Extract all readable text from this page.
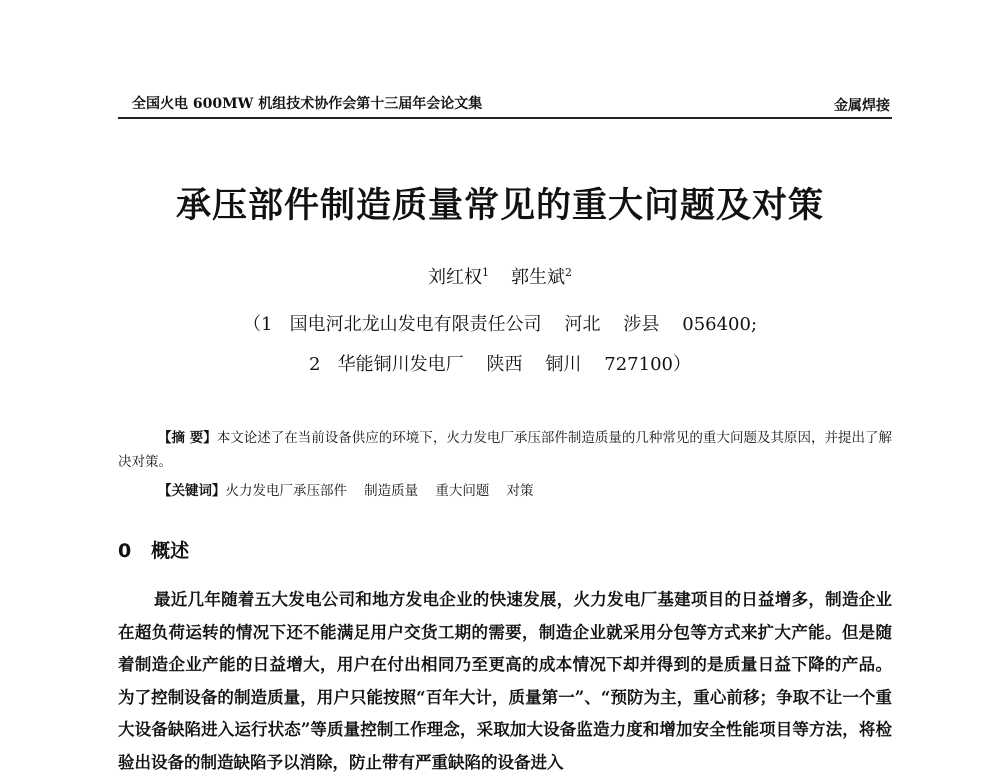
全国火电 600MW 机组技术协作会第十三届年会论文集	金属焊接
承压部件制造质量常见的重大问题及对策
刘红权$^1$ 郭生斌$^2$
（1   国电河北龙山发电有限责任公司    河北    涉县    056400;
2   华能铜川发电厂    陕西    铜川    727100）
【摘 要】本文论述了在当前设备供应的环境下，火力发电厂承压部件制造质量的几种常见的重大问题及其原因，并提出了解决对策。
【关键词】火力发电厂承压部件    制造质量    重大问题    对策
0 概述
最近几年随着五大发电公司和地方发电企业的快速发展，火力发电厂基建项目的日益增多，制造企业在超负荷运转的情况下还不能满足用户交货工期的需要，制造企业就采用分包等方式来扩大产能。但是随着制造企业产能的日益增大，用户在付出相同乃至更高的成本情况下却并得到的是质量日益下降的产品。为了控制设备的制造质量，用户只能按照“百年大计，质量第一”、“预防为主，重心前移；争取不让一个重大设备缺陷进入运行状态”等质量控制工作理念，采取加大设备监造力度和增加安全性能项目等方法，将检验出设备的制造缺陷予以消除，防止带有严重缺陷的设备进入
